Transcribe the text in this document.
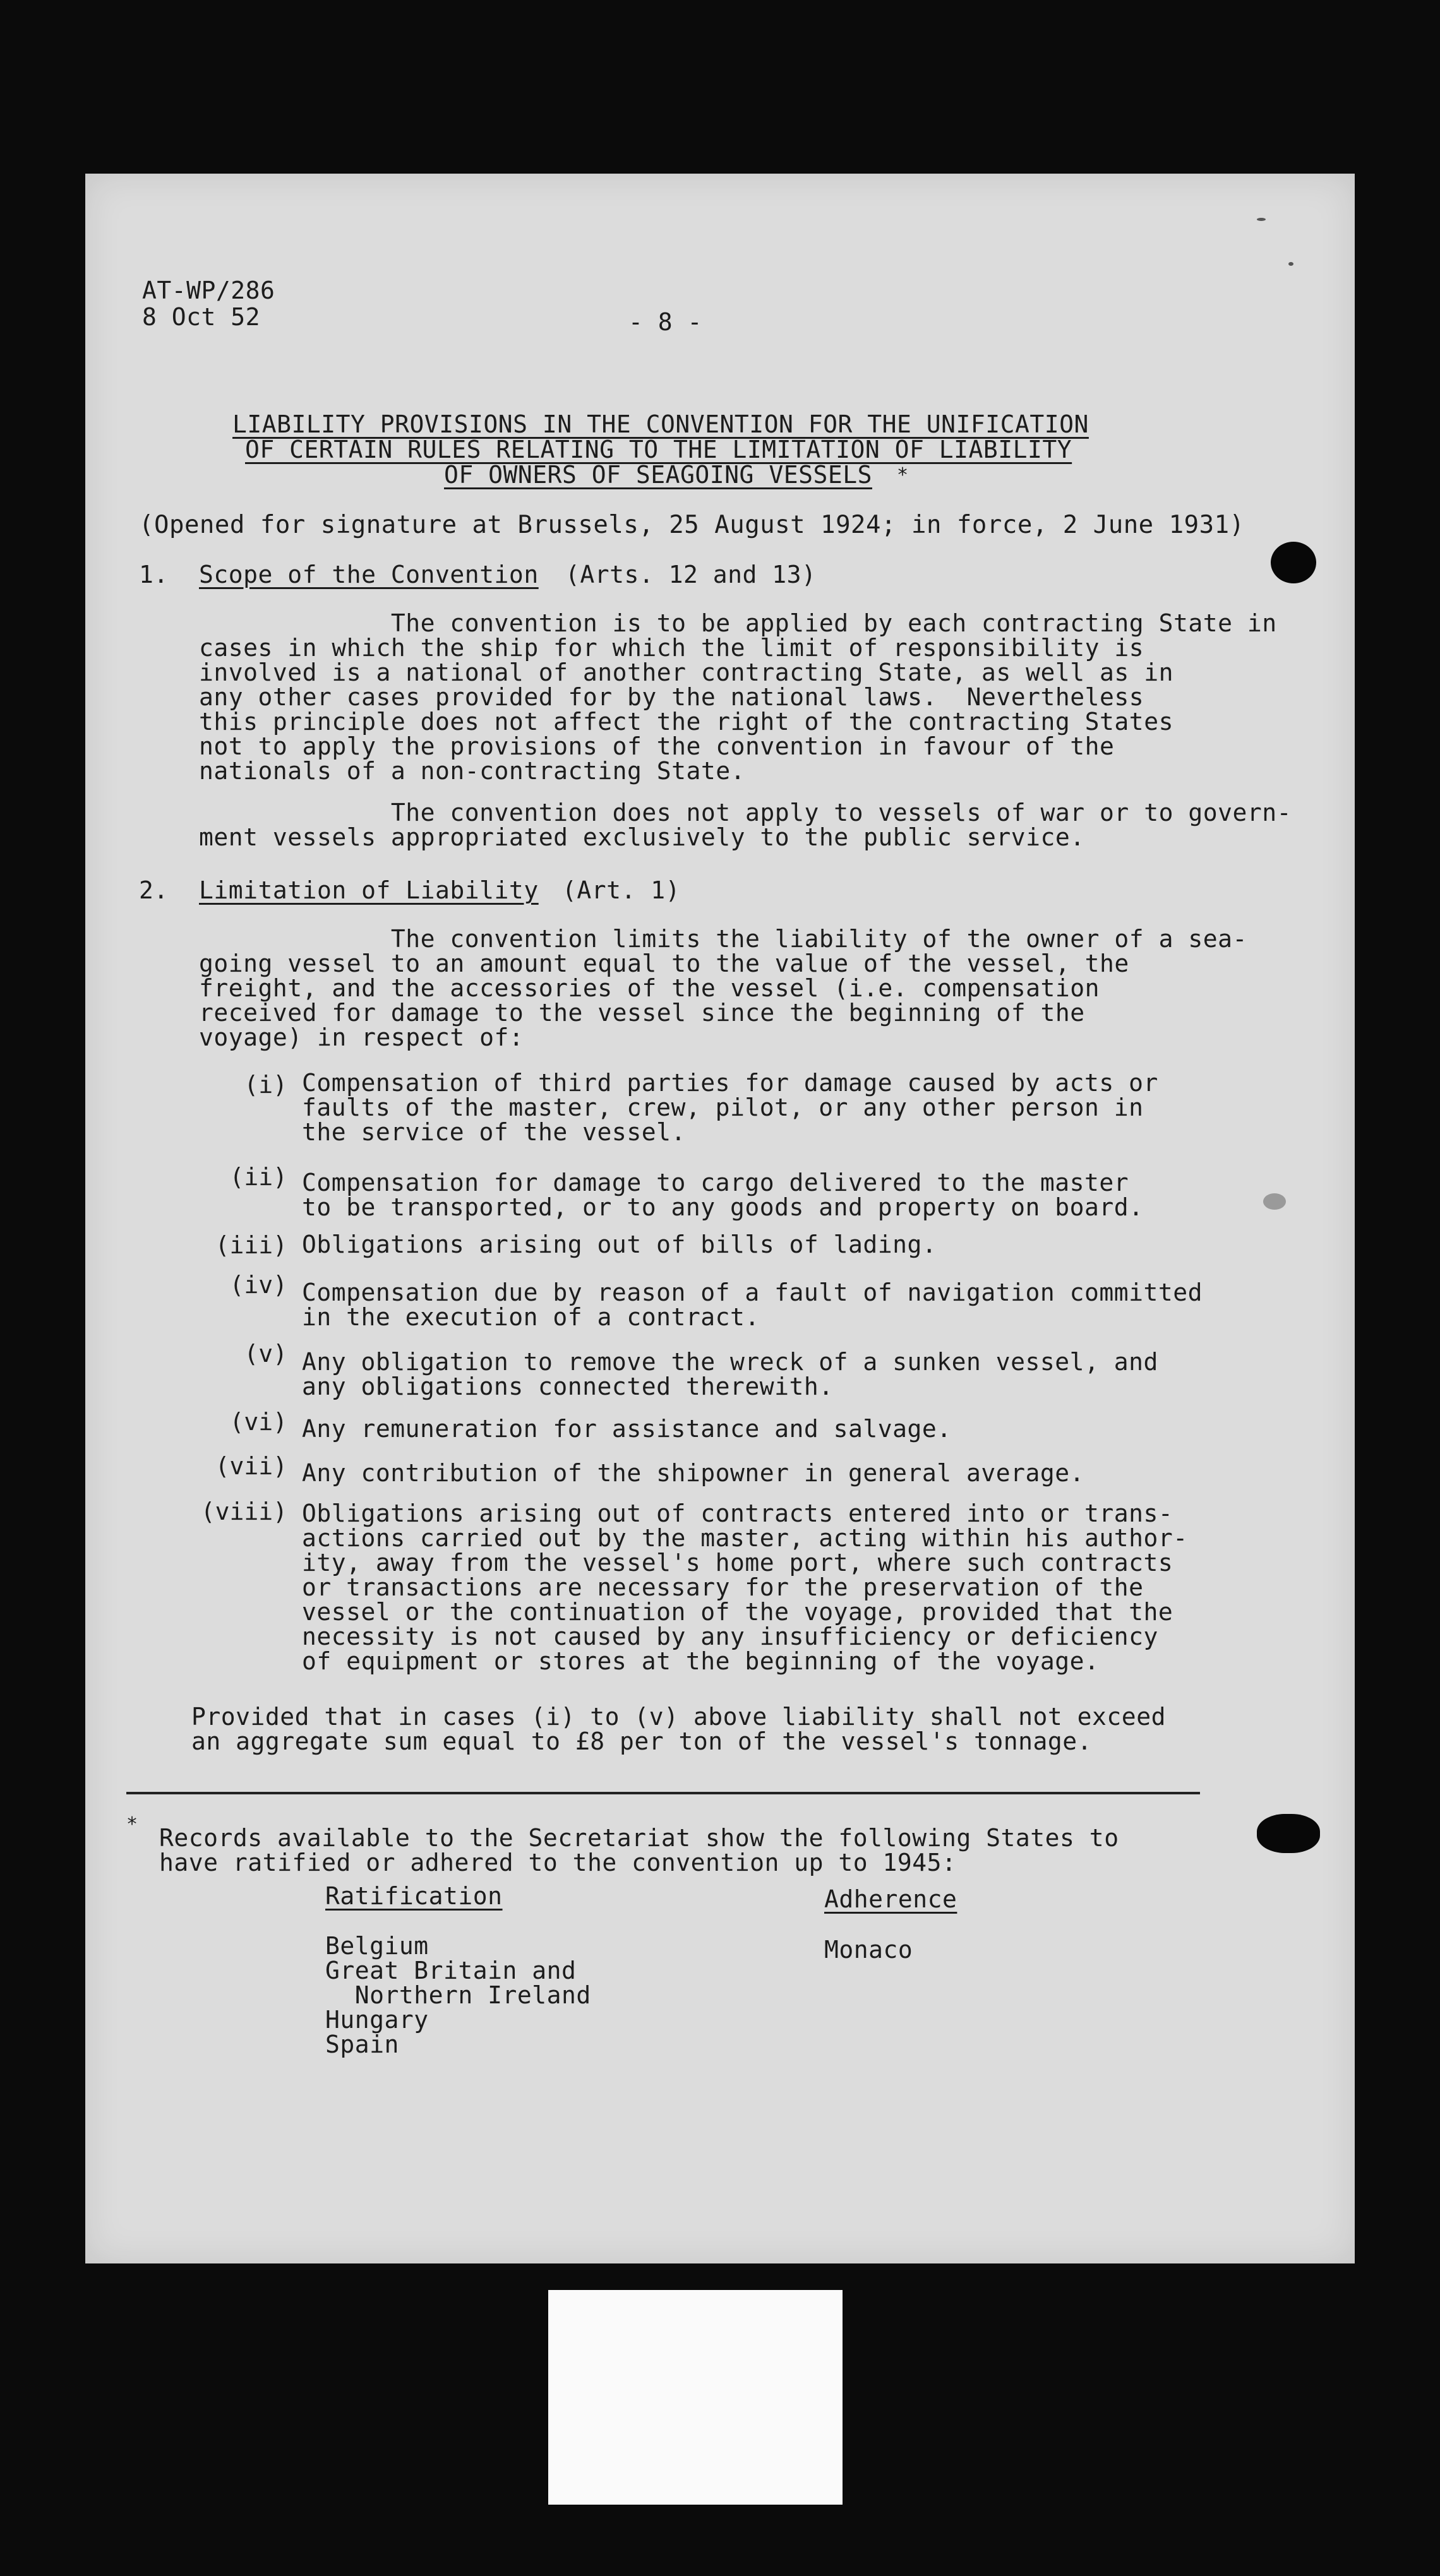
AT-WP/286
8 Oct 52	- 8 -
LIABILITY PROVISIONS IN THE CONVENTION FOR THE UNIFICATION
OF CERTAIN RULES RELATING TO THE LIMITATION OF LIABILITY
OF OWNERS OF SEAGOING VESSELS *
(Opened for signature at Brussels, 25 August 1924; in force, 2 June 1931)
1. Scope of the Convention (Arts. 12 and 13)
The convention is to be applied by each contracting State in
cases in which the ship for which the limit of responsibility is
involved is a national of another contracting State, as well as in
any other cases provided for by the national laws.  Nevertheless
this principle does not affect the right of the contracting States
not to apply the provisions of the convention in favour of the
nationals of a non-contracting State.
The convention does not apply to vessels of war or to govern-
ment vessels appropriated exclusively to the public service.
2. Limitation of Liability (Art. 1)
The convention limits the liability of the owner of a sea-
going vessel to an amount equal to the value of the vessel, the
freight, and the accessories of the vessel (i.e. compensation
received for damage to the vessel since the beginning of the
voyage) in respect of:
(i) Compensation of third parties for damage caused by acts or
faults of the master, crew, pilot, or any other person in
the service of the vessel.
(ii) Compensation for damage to cargo delivered to the master
to be transported, or to any goods and property on board.
(iii) Obligations arising out of bills of lading.
(iv) Compensation due by reason of a fault of navigation committed
in the execution of a contract.
(v) Any obligation to remove the wreck of a sunken vessel, and
any obligations connected therewith.
(vi) Any remuneration for assistance and salvage.
(vii) Any contribution of the shipowner in general average.
(viii) Obligations arising out of contracts entered into or trans-
actions carried out by the master, acting within his author-
ity, away from the vessel's home port, where such contracts
or transactions are necessary for the preservation of the
vessel or the continuation of the voyage, provided that the
necessity is not caused by any insufficiency or deficiency
of equipment or stores at the beginning of the voyage.
Provided that in cases (i) to (v) above liability shall not exceed
an aggregate sum equal to £8 per ton of the vessel's tonnage.
* Records available to the Secretariat show the following States to
have ratified or adhered to the convention up to 1945:
Ratification	Adherence
Belgium
Great Britain and
Northern Ireland
Hungary
Spain
Monaco
